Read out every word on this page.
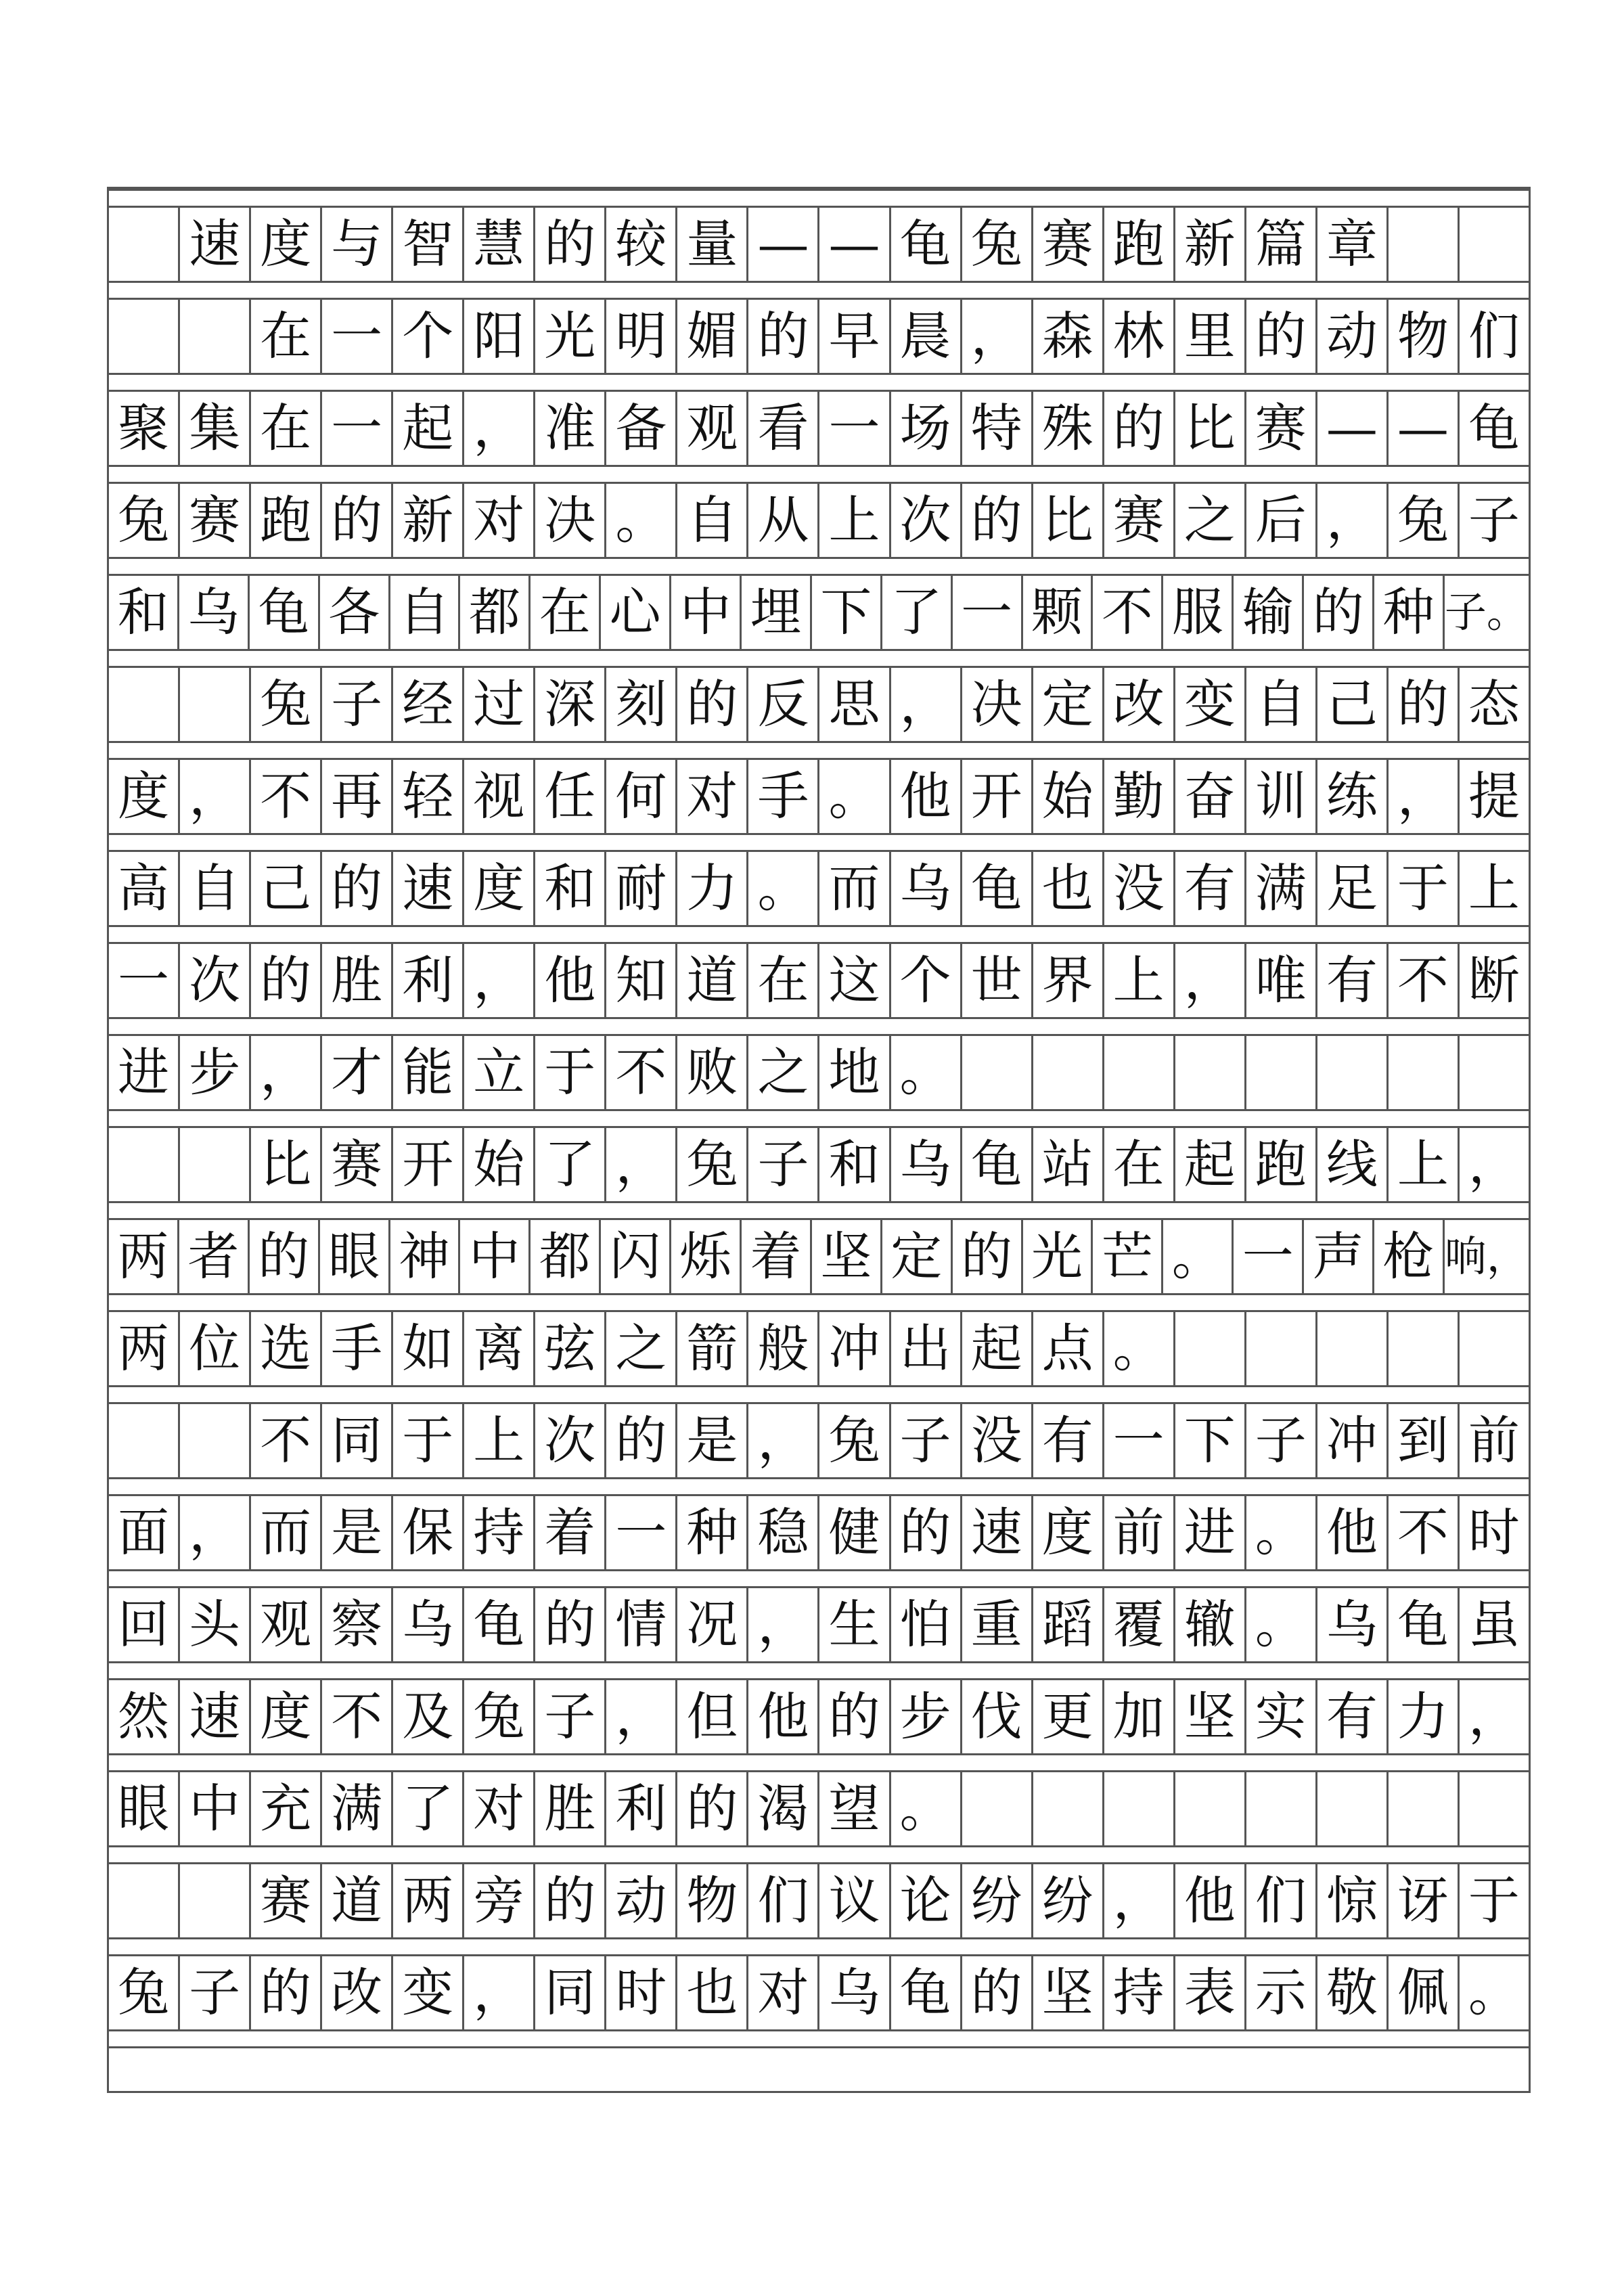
速 度 与 智 慧 的 较 量 — — 龟 兔 赛 跑 新 篇 章
在 一 个 阳 光 明 媚 的 早 晨 ， 森 林 里 的 动 物 们
聚 集 在 一 起 ， 准 备 观 看 一 场 特 殊 的 比 赛 — — 龟
兔 赛 跑 的 新 对 决 。 自 从 上 次 的 比 赛 之 后 ， 兔 子
和 乌 龟 各 自 都 在 心 中 埋 下 了 一 颗 不 服 输 的 种 子。
兔 子 经 过 深 刻 的 反 思 ， 决 定 改 变 自 己 的 态
度 ， 不 再 轻 视 任 何 对 手 。 他 开 始 勤 奋 训 练 ， 提
高 自 己 的 速 度 和 耐 力 。 而 乌 龟 也 没 有 满 足 于 上
一 次 的 胜 利 ， 他 知 道 在 这 个 世 界 上 ， 唯 有 不 断
进 步 ， 才 能 立 于 不 败 之 地 。
比 赛 开 始 了 ， 兔 子 和 乌 龟 站 在 起 跑 线 上 ，
两 者 的 眼 神 中 都 闪 烁 着 坚 定 的 光 芒 。 一 声 枪 响，
两 位 选 手 如 离 弦 之 箭 般 冲 出 起 点 。
不 同 于 上 次 的 是 ， 兔 子 没 有 一 下 子 冲 到 前
面 ， 而 是 保 持 着 一 种 稳 健 的 速 度 前 进 。 他 不 时
回 头 观 察 乌 龟 的 情 况 ， 生 怕 重 蹈 覆 辙 。 乌 龟 虽
然 速 度 不 及 兔 子 ， 但 他 的 步 伐 更 加 坚 实 有 力 ，
眼 中 充 满 了 对 胜 利 的 渴 望 。
赛 道 两 旁 的 动 物 们 议 论 纷 纷 ， 他 们 惊 讶 于
兔 子 的 改 变 ， 同 时 也 对 乌 龟 的 坚 持 表 示 敬 佩 。
